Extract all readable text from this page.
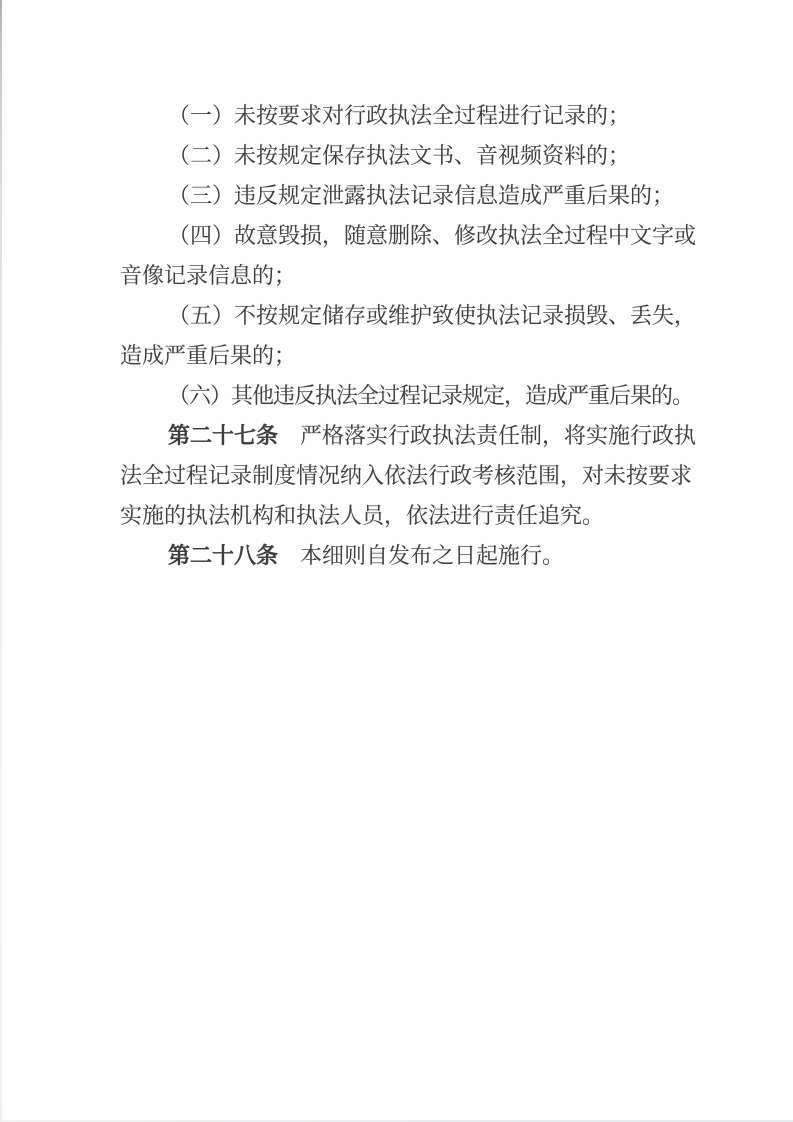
（一）未按要求对行政执法全过程进行记录的；
（二）未按规定保存执法文书、音视频资料的；
（三）违反规定泄露执法记录信息造成严重后果的；
（四）故意毁损，随意删除、修改执法全过程中文字或
音像记录信息的；
（五）不按规定储存或维护致使执法记录损毁、丢失，
造成严重后果的；
（六）其他违反执法全过程记录规定，造成严重后果的。
第二十七条 严格落实行政执法责任制，将实施行政执
法全过程记录制度情况纳入依法行政考核范围，对未按要求
实施的执法机构和执法人员，依法进行责任追究。
第二十八条 本细则自发布之日起施行。
